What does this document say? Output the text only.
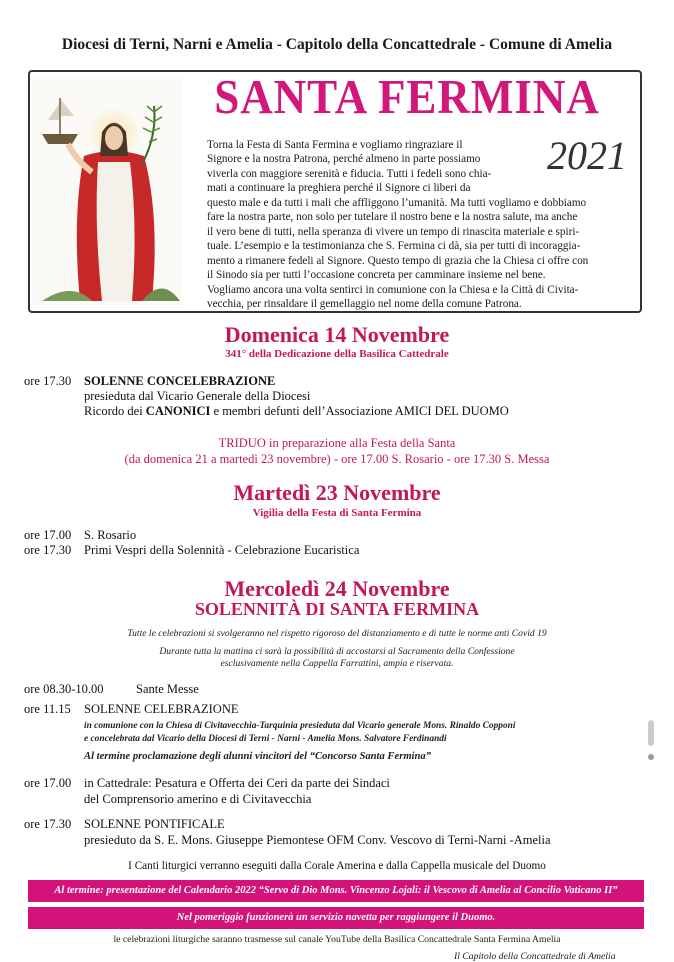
Diocesi di Terni, Narni e Amelia - Capitolo della Concattedrale - Comune di Amelia
SANTA FERMINA
2021
Torna la Festa di Santa Fermina e vogliamo ringraziare il
Signore e la nostra Patrona, perché almeno in parte possiamo
viverla con maggiore serenità e fiducia. Tutti i fedeli sono chia-
mati a continuare la preghiera perché il Signore ci liberi da
questo male e da tutti i mali che affliggono l’umanità. Ma tutti vogliamo e dobbiamo
fare la nostra parte, non solo per tutelare il nostro bene e la nostra salute, ma anche
il vero bene di tutti, nella speranza di vivere un tempo di rinascita materiale e spiri-
tuale. L’esempio e la testimonianza che S. Fermina ci dà, sia per tutti di incoraggia-
mento a rimanere fedeli al Signore. Questo tempo di grazia che la Chiesa ci offre con
il Sinodo sia per tutti l’occasione concreta per camminare insieme nel bene.
Vogliamo ancora una volta sentirci in comunione con la Chiesa e la Città di Civita-
vecchia, per rinsaldare il gemellaggio nel nome della comune Patrona.
Domenica 14 Novembre
341° della Dedicazione della Basilica Cattedrale
ore 17.30 SOLENNE CONCELEBRAZIONE
presieduta dal Vicario Generale della Diocesi
Ricordo dei CANONICI e membri defunti dell’Associazione AMICI DEL DUOMO
TRIDUO in preparazione alla Festa della Santa
(da domenica 21 a martedì 23 novembre) - ore 17.00 S. Rosario - ore 17.30 S. Messa
Martedì 23 Novembre
Vigilia della Festa di Santa Fermina
ore 17.00 S. Rosario
ore 17.30 Primi Vespri della Solennità - Celebrazione Eucaristica
Mercoledì 24 Novembre
SOLENNITÀ DI SANTA FERMINA
Tutte le celebrazioni si svolgeranno nel rispetto rigoroso del distanziamento e di tutte le norme anti Covid 19
Durante tutta la mattina ci sarà la possibilità di accostarsi al Sacramento della Confessione
esclusivamente nella Cappella Farrattini, ampia e riservata.
ore 08.30-10.00	Sante Messe
ore 11.15 SOLENNE CELEBRAZIONE
in comunione con la Chiesa di Civitavecchia-Tarquinia presieduta dal Vicario generale Mons. Rinaldo Copponi
e concelebrata dal Vicario della Diocesi di Terni - Narni - Amelia Mons. Salvatore Ferdinandi
Al termine proclamazione degli alunni vincitori del “Concorso Santa Fermina”
ore 17.00 in Cattedrale: Pesatura e Offerta dei Ceri da parte dei Sindaci
del Comprensorio amerino e di Civitavecchia
ore 17.30 SOLENNE PONTIFICALE
presieduto da S. E. Mons. Giuseppe Piemontese OFM Conv. Vescovo di Terni-Narni -Amelia
I Canti liturgici verranno eseguiti dalla Corale Amerina e dalla Cappella musicale del Duomo
Al termine: presentazione del Calendario 2022 “Servo di Dio Mons. Vincenzo Lojali: il Vescovo di Amelia al Concilio Vaticano II”
Nel pomeriggio funzionerà un servizio navetta per raggiungere il Duomo.
le celebrazioni liturgiche saranno trasmesse sul canale YouTube della Basilica Concattedrale Santa Fermina Amelia
Il Capitolo della Concattedrale di Amelia
